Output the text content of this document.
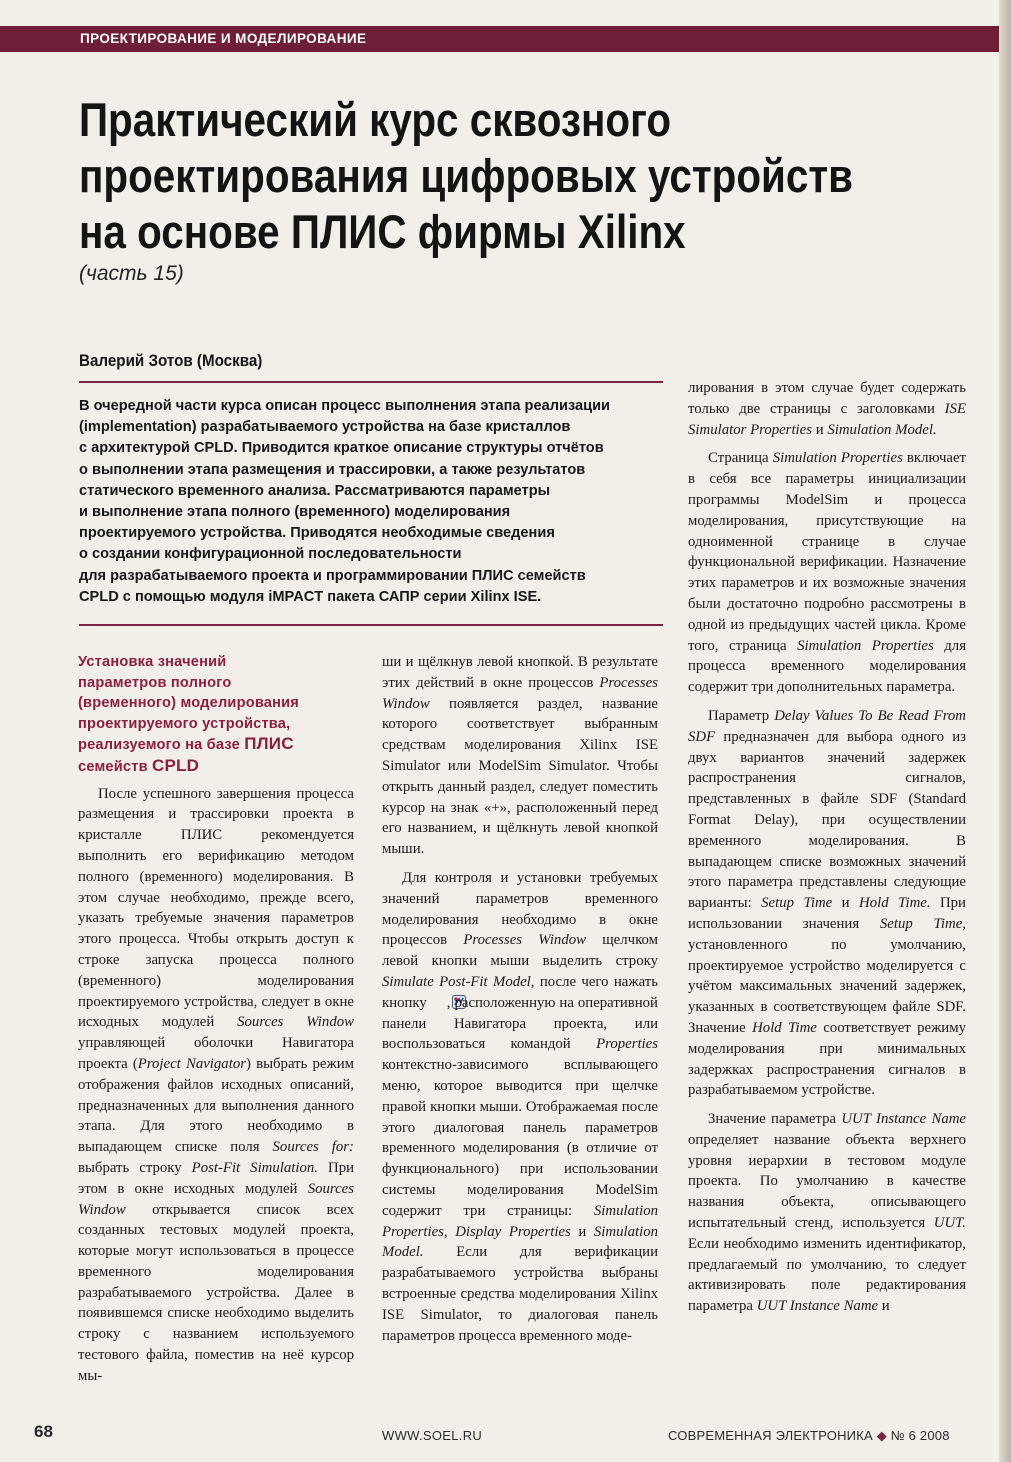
ПРОЕКТИРОВАНИЕ И МОДЕЛИРОВАНИЕ
Практический курс сквозного
проектирования цифровых устройств
на основе ПЛИС фирмы Xilinx
(часть 15)
Валерий Зотов (Москва)
В очередной части курса описан процесс выполнения этапа реализации
(implementation) разрабатываемого устройства на базе кристаллов
с архитектурой CPLD. Приводится краткое описание структуры отчётов
о выполнении этапа размещения и трассировки, а также результатов
статического временного анализа. Рассматриваются параметры
и выполнение этапа полного (временного) моделирования
проектируемого устройства. Приводятся необходимые сведения
о создании конфигурационной последовательности
для разрабатываемого проекта и программировании ПЛИС семейств
CPLD с помощью модуля iMPACT пакета САПР серии Xilinx ISE.
Установка значений
параметров полного
(временного) моделирования
проектируемого устройства,
реализуемого на базе ПЛИС
семейств CPLD

После успешного завершения процесса размещения и трассировки проекта в кристалле ПЛИС рекомендуется выполнить его верификацию методом полного (временного) моделирования. В этом случае необходимо, прежде всего, указать требуемые значения параметров этого процесса. Чтобы открыть доступ к строке запуска процесса полного (временного) моделирования проектируемого устройства, следует в окне исходных модулей Sources Window управляющей оболочки Навигатора проекта (Project Navigator) выбрать режим отображения файлов исходных описаний, предназначенных для выполнения данного этапа. Для этого необходимо в выпадающем списке поля Sources for: выбрать строку Post-Fit Simulation. При этом в окне исходных модулей Sources Window открывается список всех созданных тестовых модулей проекта, которые могут использоваться в процессе временного моделирования разрабатываемого устройства. Далее в появившемся списке необходимо выделить строку с названием используемого тестового файла, поместив на неё курсор мы-

ши и щёлкнув левой кнопкой. В результате этих действий в окне процессов Processes Window появляется раздел, название которого соответствует выбранным средствам моделирования Xilinx ISE Simulator или ModelSim Simulator. Чтобы открыть данный раздел, следует поместить курсор на знак «+», расположенный перед его названием, и щёлкнуть левой кнопкой мыши.

Для контроля и установки требуемых значений параметров временного моделирования необходимо в окне процессов Processes Window щелчком левой кнопки мыши выделить строку Simulate Post-Fit Model, после чего нажать кнопку , расположенную на оперативной панели Навигатора проекта, или воспользоваться командой Properties контекстно-зависимого всплывающего меню, которое выводится при щелчке правой кнопки мыши. Отображаемая после этого диалоговая панель параметров временного моделирования (в отличие от функционального) при использовании системы моделирования ModelSim содержит три страницы: Simulation Properties, Display Properties и Simulation Model. Если для верификации разрабатываемого устройства выбраны встроенные средства моделирования Xilinx ISE Simulator, то диалоговая панель параметров процесса временного моде-

лирования в этом случае будет содержать только две страницы с заголовками ISE Simulator Properties и Simulation Model.

Страница Simulation Properties включает в себя все параметры инициализации программы ModelSim и процесса моделирования, присутствующие на одноименной странице в случае функциональной верификации. Назначение этих параметров и их возможные значения были достаточно подробно рассмотрены в одной из предыдущих частей цикла. Кроме того, страница Simulation Properties для процесса временного моделирования содержит три дополнительных параметра.

Параметр Delay Values To Be Read From SDF предназначен для выбора одного из двух вариантов значений задержек распространения сигналов, представленных в файле SDF (Standard Format Delay), при осуществлении временного моделирования. В выпадающем списке возможных значений этого параметра представлены следующие варианты: Setup Time и Hold Time. При использовании значения Setup Time, установленного по умолчанию, проектируемое устройство моделируется с учётом максимальных значений задержек, указанных в соответствующем файле SDF. Значение Hold Time соответствует режиму моделирования при минимальных задержках распространения сигналов в разрабатываемом устройстве.

Значение параметра UUT Instance Name определяет название объекта верхнего уровня иерархии в тестовом модуле проекта. По умолчанию в качестве названия объекта, описывающего испытательный стенд, используется UUT. Если необходимо изменить идентификатор, предлагаемый по умолчанию, то следует активизировать поле редактирования параметра UUT Instance Name и

68	WWW.SOEL.RU	СОВРЕМЕННАЯ ЭЛЕКТРОНИКА ◆ № 6 2008
